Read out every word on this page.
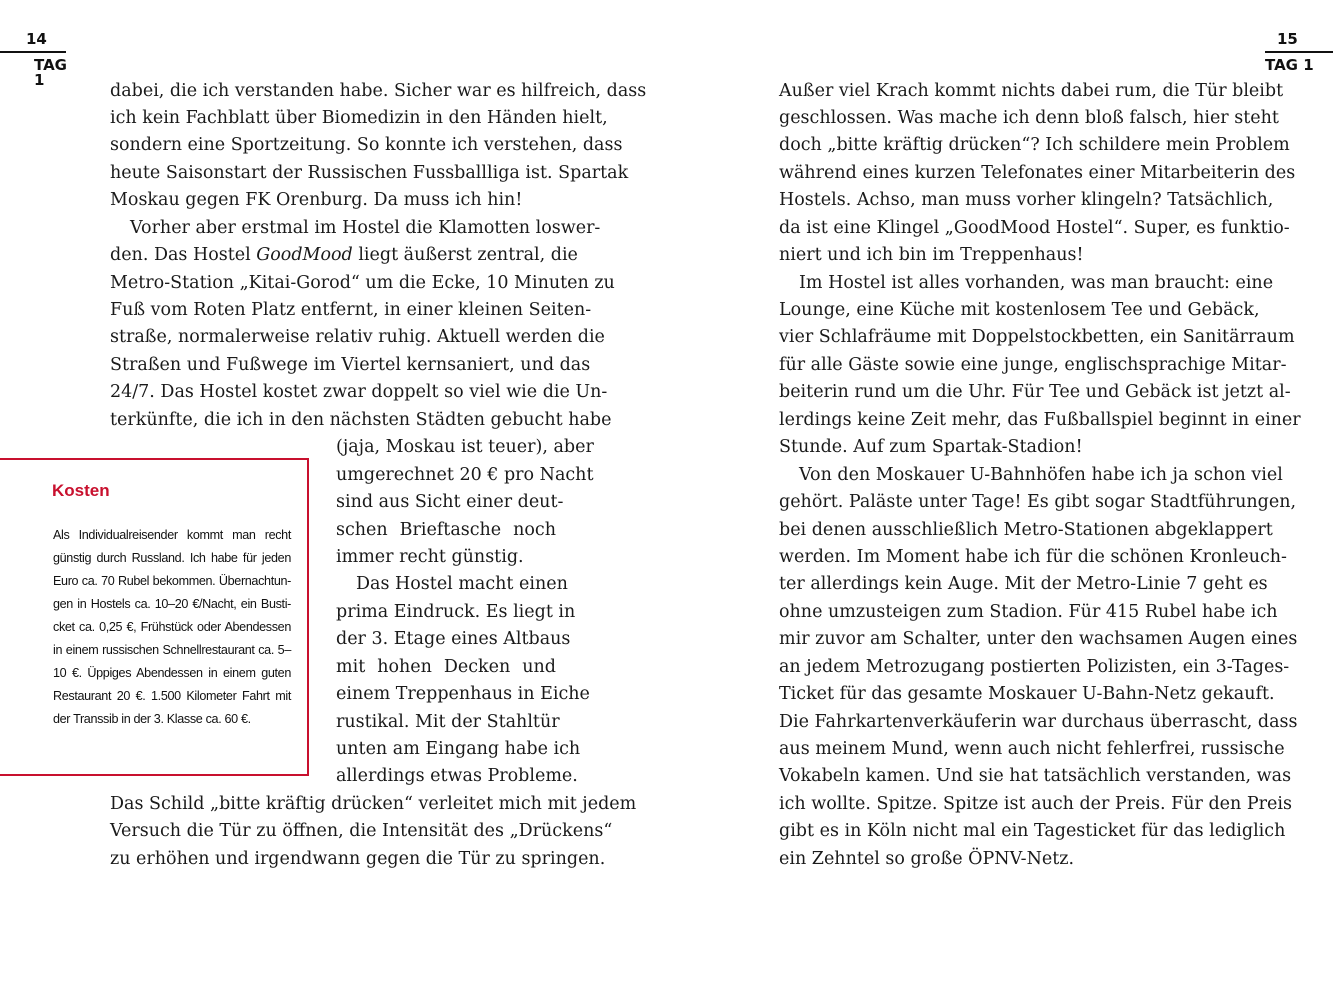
14
TAG 1
15
TAG 1

dabei, die ich verstanden habe. Sicher war es hilfreich, dass

ich kein Fachblatt über Biomedizin in den Händen hielt,

sondern eine Sportzeitung. So konnte ich verstehen, dass

heute Saisonstart der Russischen Fussballliga ist. Spartak

Moskau gegen FK Orenburg. Da muss ich hin!

Vorher aber erstmal im Hostel die Klamotten loswer-

den. Das Hostel GoodMood liegt äußerst zentral, die

Metro-Station „Kitai-Gorod“ um die Ecke, 10 Minuten zu

Fuß vom Roten Platz entfernt, in einer kleinen Seiten-

straße, normalerweise relativ ruhig. Aktuell werden die

Straßen und Fußwege im Viertel kernsaniert, und das

24/7. Das Hostel kostet zwar doppelt so viel wie die Un-

terkünfte, die ich in den nächsten Städten gebucht habe

(jaja, Moskau ist teuer), aber

umgerechnet 20 € pro Nacht

sind aus Sicht einer deut-

schen Brieftasche noch

immer recht günstig.

Das Hostel macht einen

prima Eindruck. Es liegt in

der 3. Etage eines Altbaus

mit hohen Decken und

einem Treppenhaus in Eiche

rustikal. Mit der Stahltür

unten am Eingang habe ich

allerdings etwas Probleme.

Das Schild „bitte kräftig drücken“ verleitet mich mit jedem

Versuch die Tür zu öffnen, die Intensität des „Drückens“

zu erhöhen und irgendwann gegen die Tür zu springen.

Kosten

Als Individualreisender kommt man recht

günstig durch Russland. Ich habe für jeden

Euro ca. 70 Rubel bekommen. Übernachtun-

gen in Hostels ca. 10–20 €/Nacht, ein Busti-

cket ca. 0,25 €, Frühstück oder Abendessen

in einem russischen Schnellrestaurant ca. 5–

10 €. Üppiges Abendessen in einem guten

Restaurant 20 €. 1.500 Kilometer Fahrt mit

der Transsib in der 3. Klasse ca. 60 €.

Außer viel Krach kommt nichts dabei rum, die Tür bleibt

geschlossen. Was mache ich denn bloß falsch, hier steht

doch „bitte kräftig drücken“? Ich schildere mein Problem

während eines kurzen Telefonates einer Mitarbeiterin des

Hostels. Achso, man muss vorher klingeln? Tatsächlich,

da ist eine Klingel „GoodMood Hostel“. Super, es funktio-

niert und ich bin im Treppenhaus!

Im Hostel ist alles vorhanden, was man braucht: eine

Lounge, eine Küche mit kostenlosem Tee und Gebäck,

vier Schlafräume mit Doppelstockbetten, ein Sanitärraum

für alle Gäste sowie eine junge, englischsprachige Mitar-

beiterin rund um die Uhr. Für Tee und Gebäck ist jetzt al-

lerdings keine Zeit mehr, das Fußballspiel beginnt in einer

Stunde. Auf zum Spartak-Stadion!

Von den Moskauer U-Bahnhöfen habe ich ja schon viel

gehört. Paläste unter Tage! Es gibt sogar Stadtführungen,

bei denen ausschließlich Metro-Stationen abgeklappert

werden. Im Moment habe ich für die schönen Kronleuch-

ter allerdings kein Auge. Mit der Metro-Linie 7 geht es

ohne umzusteigen zum Stadion. Für 415 Rubel habe ich

mir zuvor am Schalter, unter den wachsamen Augen eines

an jedem Metrozugang postierten Polizisten, ein 3-Tages-

Ticket für das gesamte Moskauer U-Bahn-Netz gekauft.

Die Fahrkartenverkäuferin war durchaus überrascht, dass

aus meinem Mund, wenn auch nicht fehlerfrei, russische

Vokabeln kamen. Und sie hat tatsächlich verstanden, was

ich wollte. Spitze. Spitze ist auch der Preis. Für den Preis

gibt es in Köln nicht mal ein Tagesticket für das lediglich

ein Zehntel so große ÖPNV-Netz.
